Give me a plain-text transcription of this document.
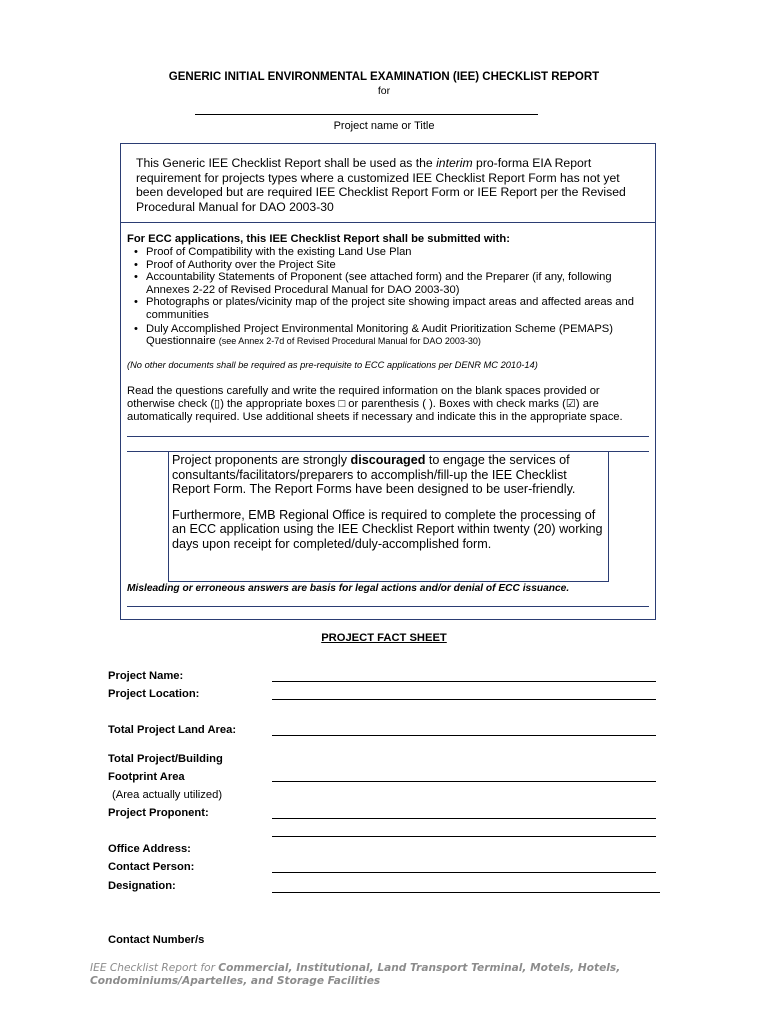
GENERIC INITIAL ENVIRONMENTAL EXAMINATION (IEE) CHECKLIST REPORT
for
Project name or Title
This Generic IEE Checklist Report shall be used as the interim pro-forma EIA Report requirement for projects types where a customized IEE Checklist Report Form has not yet been developed but are required IEE Checklist Report Form or IEE Report per the Revised Procedural Manual for DAO 2003-30
For ECC applications, this IEE Checklist Report shall be submitted with:
• Proof of Compatibility with the existing Land Use Plan
• Proof of Authority over the Project Site
• Accountability Statements of Proponent (see attached form) and the Preparer (if any, following Annexes 2-22 of Revised Procedural Manual for DAO 2003-30)
• Photographs or plates/vicinity map of the project site showing impact areas and affected areas and communities
• Duly Accomplished Project Environmental Monitoring & Audit Prioritization Scheme (PEMAPS) Questionnaire (see Annex 2-7d of Revised Procedural Manual for DAO 2003-30)
(No other documents shall be required as pre-requisite to ECC applications per DENR MC 2010-14)
Read the questions carefully and write the required information on the blank spaces provided or otherwise check (▯) the appropriate boxes □ or parenthesis ( ). Boxes with check marks (☑) are automatically required. Use additional sheets if necessary and indicate this in the appropriate space.

Project proponents are strongly discouraged to engage the services of consultants/facilitators/preparers to accomplish/fill-up the IEE Checklist Report Form. The Report Forms have been designed to be user-friendly.

Furthermore, EMB Regional Office is required to complete the processing of an ECC application using the IEE Checklist Report within twenty (20) working days upon receipt for completed/duly-accomplished form.

Misleading or erroneous answers are basis for legal actions and/or denial of ECC issuance.
PROJECT FACT SHEET
Project Name:
Project Location:
Total Project Land Area:
Total Project/Building
Footprint Area
(Area actually utilized)
Project Proponent:
Office Address:
Contact Person:
Designation:
Contact Number/s
IEE Checklist Report for Commercial, Institutional, Land Transport Terminal, Motels, Hotels, Condominiums/Apartelles, and Storage Facilities
